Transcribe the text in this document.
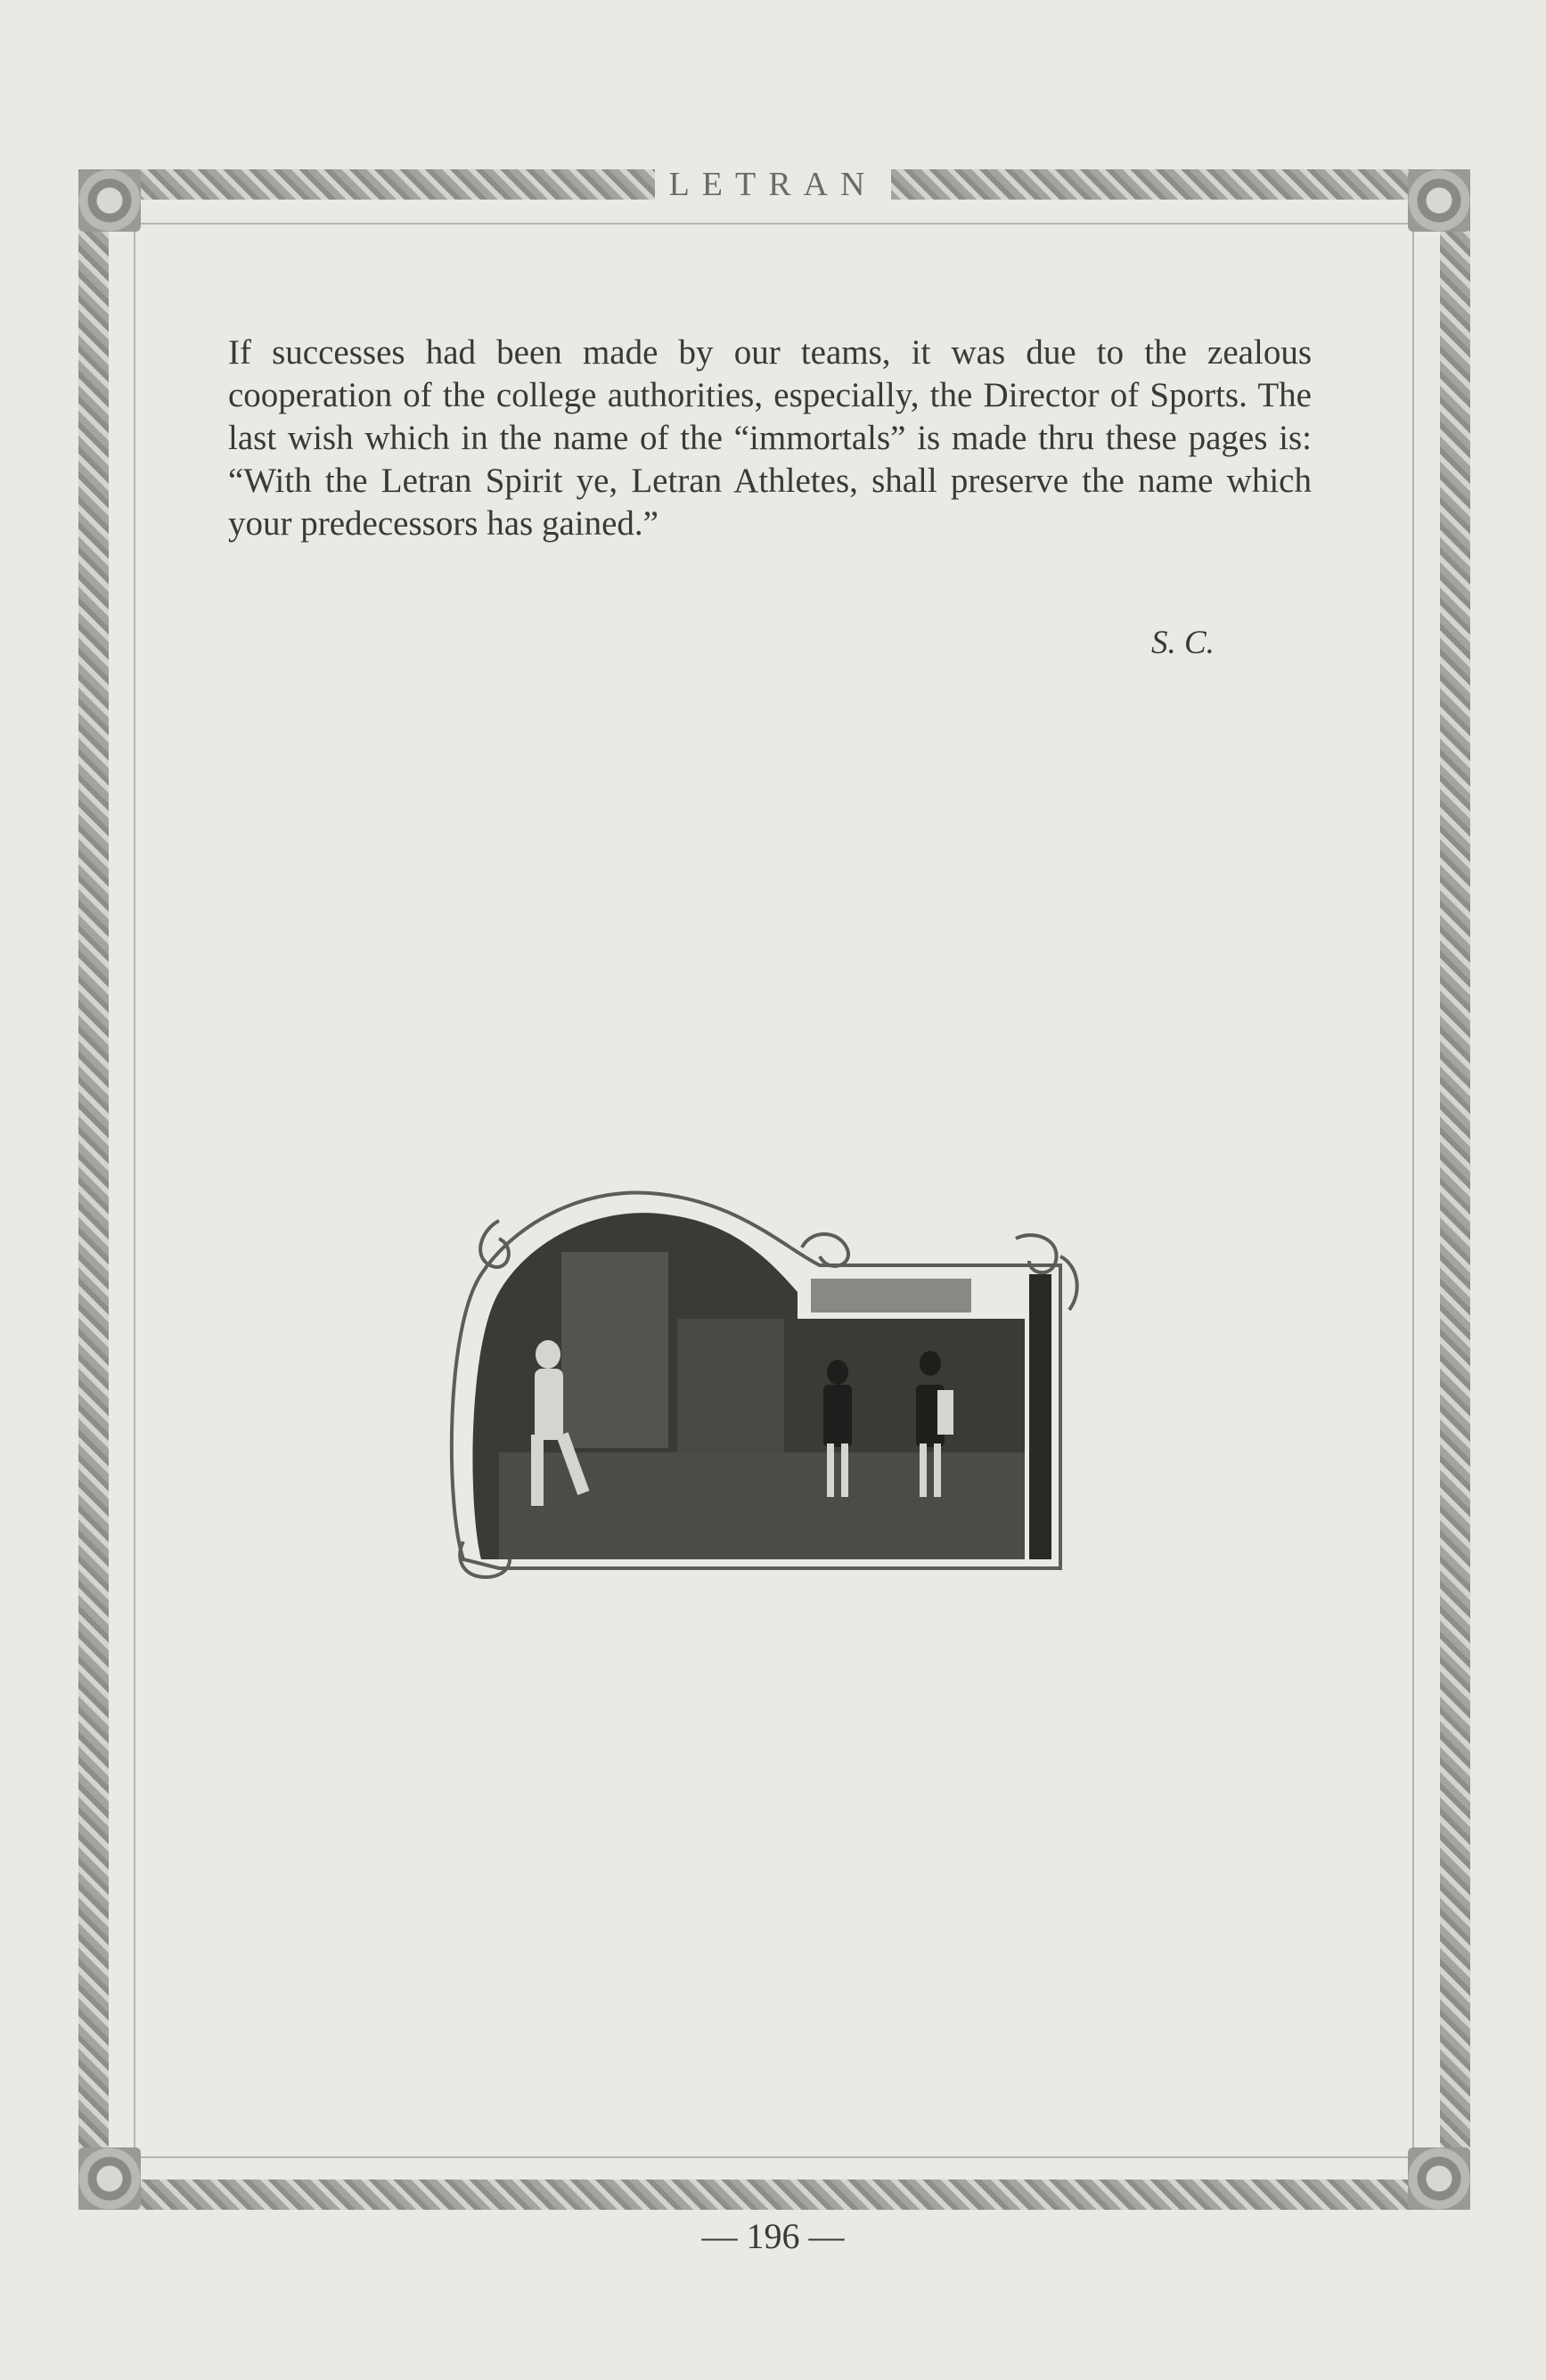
LETRAN
If successes had been made by our teams, it was due to the zealous cooperation of the college authorities, especially, the Director of Sports. The last wish which in the name of the “immortals” is made thru these pages is: “With the Letran Spirit ye, Letran Athletes, shall preserve the name which your predecessors has gained.”
S. C.
— 196 —
